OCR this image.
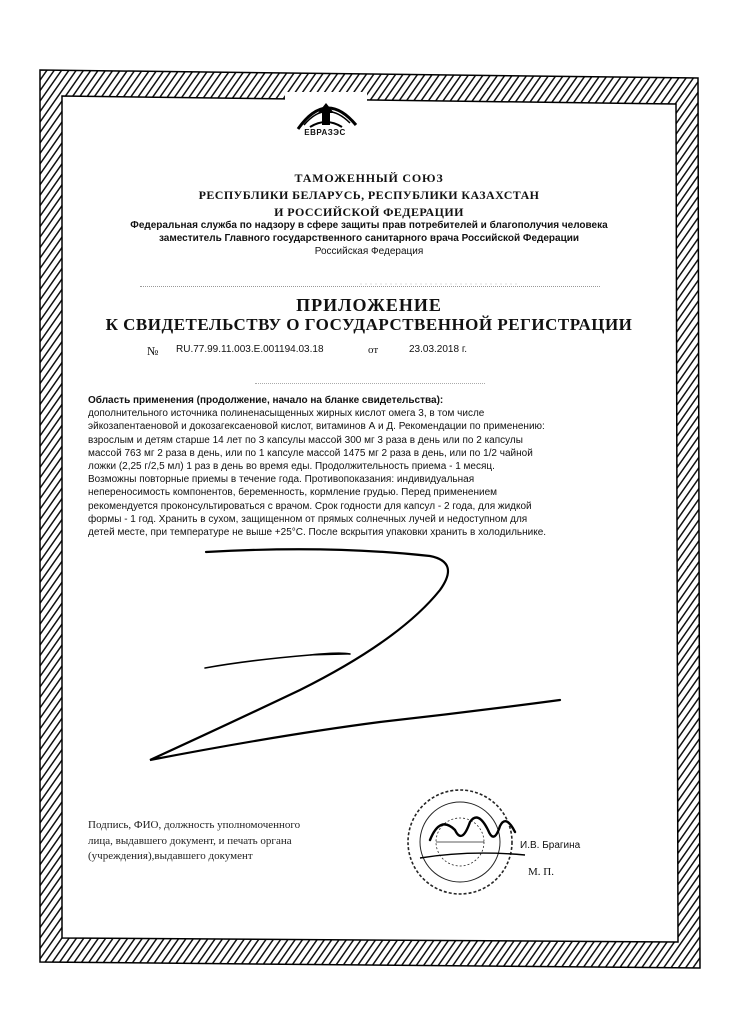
ЕВРАЗЭС
ТАМОЖЕННЫЙ СОЮЗ
РЕСПУБЛИКИ БЕЛАРУСЬ, РЕСПУБЛИКИ КАЗАХСТАН
И РОССИЙСКОЙ ФЕДЕРАЦИИ
Федеральная служба по надзору в сфере защиты прав потребителей и благополучия человека
заместитель Главного государственного санитарного врача Российской Федерации
Российская Федерация
ПРИЛОЖЕНИЕ
К СВИДЕТЕЛЬСТВУ О ГОСУДАРСТВЕННОЙ РЕГИСТРАЦИИ
№ RU.77.99.11.003.Е.001194.03.18	от	23.03.2018 г.
Область применения (продолжение, начало на бланке свидетельства):
дополнительного источника полиненасыщенных жирных кислот омега 3, в том числе
эйкозапентаеновой и докозагексаеновой кислот, витаминов А и Д. Рекомендации по применению:
взрослым и детям старше 14 лет по 3 капсулы массой 300 мг 3 раза в день или по 2 капсулы
массой 763 мг 2 раза в день, или по 1 капсуле массой 1475 мг 2 раза в день, или по 1/2 чайной
ложки (2,25 г/2,5 мл) 1 раз в день во время еды. Продолжительность приема - 1 месяц.
Возможны повторные приемы в течение года. Противопоказания: индивидуальная
непереносимость компонентов, беременность, кормление грудью. Перед применением
рекомендуется проконсультироваться с врачом. Срок годности для капсул - 2 года, для жидкой
формы - 1 год. Хранить в сухом, защищенном от прямых солнечных лучей и недоступном для
детей месте, при температуре не выше +25°С. После вскрытия упаковки хранить в холодильнике.
Подпись, ФИО, должность уполномоченного
лица, выдавшего документ, и печать органа
(учреждения),выдавшего документ
И.В. Брагина
М. П.
